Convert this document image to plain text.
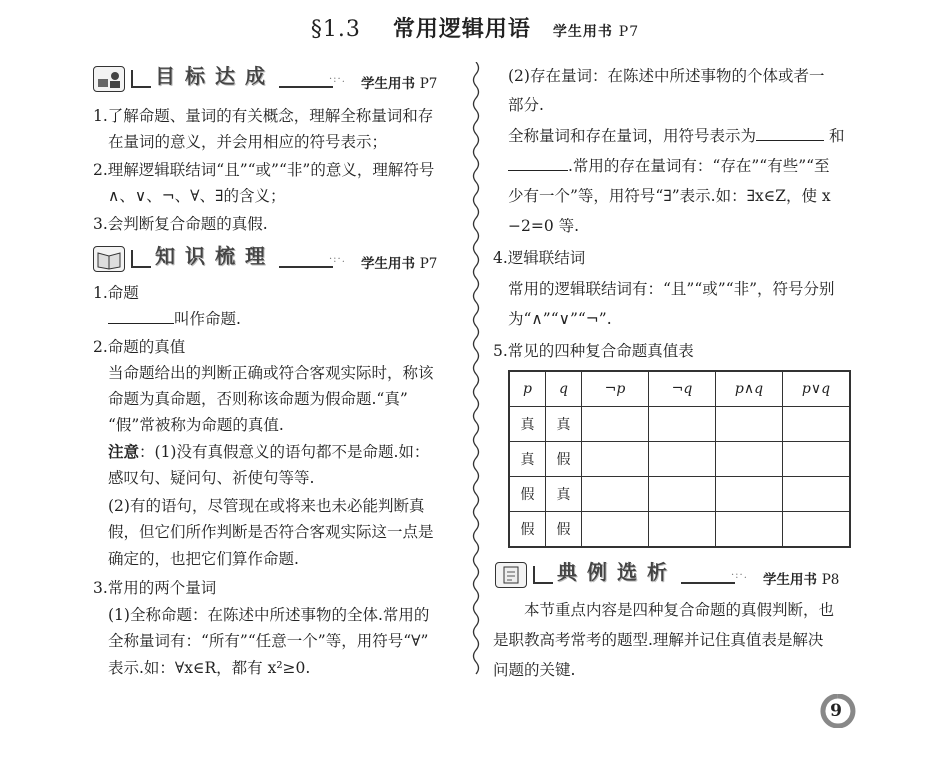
§1.3 常用逻辑用语 学生用书 P7
目标达成	·:·. 学生用书 P7
1.了解命题、量词的有关概念，理解全称量词和存
在量词的意义，并会用相应的符号表示；
2.理解逻辑联结词“且”“或”“非”的意义，理解符号
∧、∨、¬、∀、∃的含义；
3.会判断复合命题的真假.
知识梳理	·:·. 学生用书 P7
1.命题
叫作命题.
2.命题的真值
当命题给出的判断正确或符合客观实际时，称该
命题为真命题，否则称该命题为假命题.“真”
“假”常被称为命题的真值.
注意：(1)没有真假意义的语句都不是命题.如：
感叹句、疑问句、祈使句等等.
(2)有的语句，尽管现在或将来也未必能判断真
假，但它们所作判断是否符合客观实际这一点是
确定的，也把它们算作命题.
3.常用的两个量词
(1)全称命题：在陈述中所述事物的全体.常用的
全称量词有：“所有”“任意一个”等，用符号“∀”
表示.如：∀x∈R，都有 x²≥0.
(2)存在量词：在陈述中所述事物的个体或者一
部分.
全称量词和存在量词，用符号表示为	和
.常用的存在量词有：“存在”“有些”“至
少有一个”等，用符号“∃”表示.如：∃x∈Z，使 x
−2=0 等.
4.逻辑联结词
常用的逻辑联结词有：“且”“或”“非”，符号分别
为“∧”“∨”“¬”.
5.常见的四种复合命题真值表
p	q	¬p	¬q	p∧q	p∨q
真	真				
真	假				
假	真				
假	假				
典例选析	·:·. 学生用书 P8
本节重点内容是四种复合命题的真假判断，也
是职教高考常考的题型.理解并记住真值表是解决
问题的关键.
9
